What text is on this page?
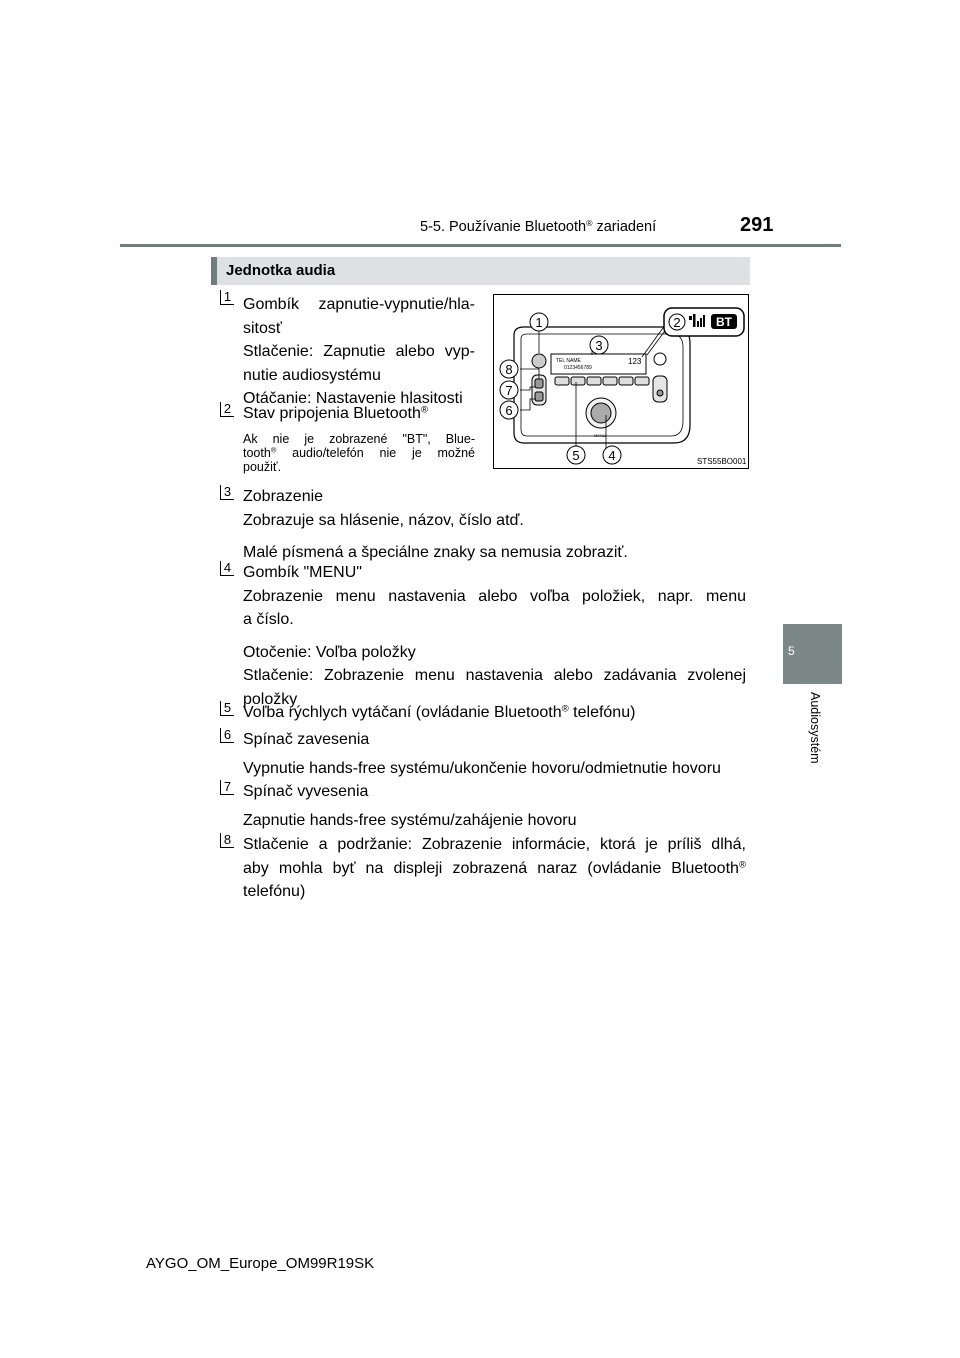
5-5. Používanie Bluetooth® zariadení	291
5
Audiosystém
Jednotka audia
1 Gombík zapnutie-vypnutie/hla-
sitosť
Stlačenie: Zapnutie alebo vyp-
nutie audiosystému
Otáčanie: Nastavenie hlasitosti
2 Stav pripojenia Bluetooth®
Ak nie je zobrazené "BT", Blue-
tooth® audio/telefón nie je možné
použiť.
TEL NAME
0123456789
123
MENU
1
3
8
7
6
5 4
2	BT
STS55BO001
3 Zobrazenie
Zobrazuje sa hlásenie, názov, číslo atď.
Malé písmená a špeciálne znaky sa nemusia zobraziť.
4 Gombík "MENU"
Zobrazenie menu nastavenia alebo voľba položiek, napr. menu
a číslo.
Otočenie: Voľba položky
Stlačenie: Zobrazenie menu nastavenia alebo zadávania zvolenej
položky
5 Voľba rýchlych vytáčaní (ovládanie Bluetooth® telefónu)
6 Spínač zavesenia
Vypnutie hands-free systému/ukončenie hovoru/odmietnutie hovoru
7 Spínač vyvesenia
Zapnutie hands-free systému/zahájenie hovoru
8 Stlačenie a podržanie: Zobrazenie informácie, ktorá je príliš dlhá,
aby mohla byť na displeji zobrazená naraz (ovládanie Bluetooth®
telefónu)
AYGO_OM_Europe_OM99R19SK
